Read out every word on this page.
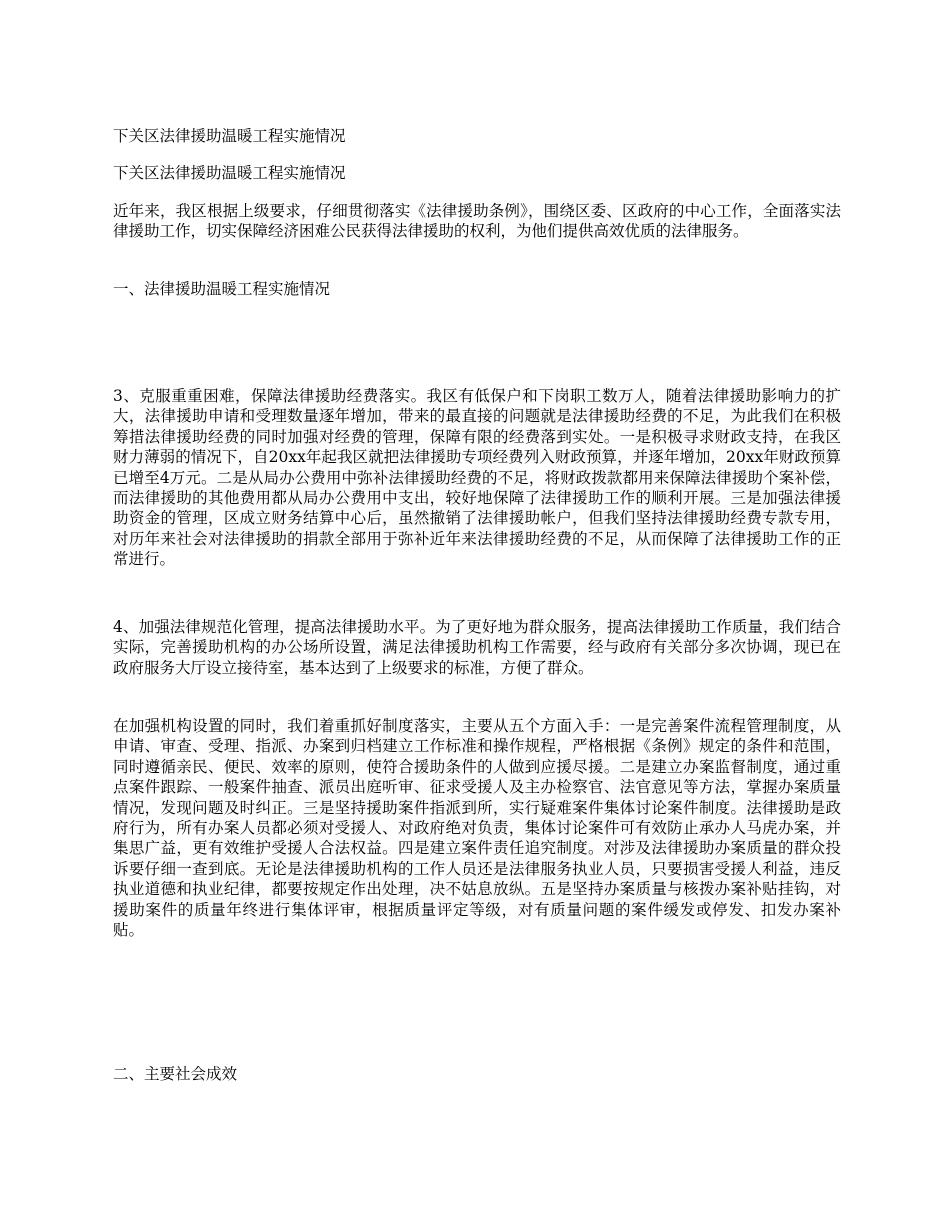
下关区法律援助温暖工程实施情况

下关区法律援助温暖工程实施情况

近年来，我区根据上级要求，仔细贯彻落实《法律援助条例》，围绕区委、区政府的中心工作，全面落实法律援助工作，切实保障经济困难公民获得法律援助的权利，为他们提供高效优质的法律服务。

一、法律援助温暖工程实施情况

3、克服重重困难，保障法律援助经费落实。我区有低保户和下岗职工数万人，随着法律援助影响力的扩大，法律援助申请和受理数量逐年增加，带来的最直接的问题就是法律援助经费的不足，为此我们在积极筹措法律援助经费的同时加强对经费的管理，保障有限的经费落到实处。一是积极寻求财政支持，在我区财力薄弱的情况下，自20xx年起我区就把法律援助专项经费列入财政预算，并逐年增加，20xx年财政预算已增至4万元。二是从局办公费用中弥补法律援助经费的不足，将财政拨款都用来保障法律援助个案补偿，而法律援助的其他费用都从局办公费用中支出，较好地保障了法律援助工作的顺利开展。三是加强法律援助资金的管理，区成立财务结算中心后，虽然撤销了法律援助帐户，但我们坚持法律援助经费专款专用，对历年来社会对法律援助的捐款全部用于弥补近年来法律援助经费的不足，从而保障了法律援助工作的正常进行。

4、加强法律规范化管理，提高法律援助水平。为了更好地为群众服务，提高法律援助工作质量，我们结合实际，完善援助机构的办公场所设置，满足法律援助机构工作需要，经与政府有关部分多次协调，现已在政府服务大厅设立接待室，基本达到了上级要求的标准，方便了群众。

在加强机构设置的同时，我们着重抓好制度落实，主要从五个方面入手：一是完善案件流程管理制度，从申请、审查、受理、指派、办案到归档建立工作标准和操作规程，严格根据《条例》规定的条件和范围，同时遵循亲民、便民、效率的原则，使符合援助条件的人做到应援尽援。二是建立办案监督制度，通过重点案件跟踪、一般案件抽查、派员出庭听审、征求受援人及主办检察官、法官意见等方法，掌握办案质量情况，发现问题及时纠正。三是坚持援助案件指派到所，实行疑难案件集体讨论案件制度。法律援助是政府行为，所有办案人员都必须对受援人、对政府绝对负责，集体讨论案件可有效防止承办人马虎办案，并集思广益，更有效维护受援人合法权益。四是建立案件责任追究制度。对涉及法律援助办案质量的群众投诉要仔细一查到底。无论是法律援助机构的工作人员还是法律服务执业人员，只要损害受援人利益，违反执业道德和执业纪律，都要按规定作出处理，决不姑息放纵。五是坚持办案质量与核拨办案补贴挂钩，对援助案件的质量年终进行集体评审，根据质量评定等级，对有质量问题的案件缓发或停发、扣发办案补贴。

二、主要社会成效
